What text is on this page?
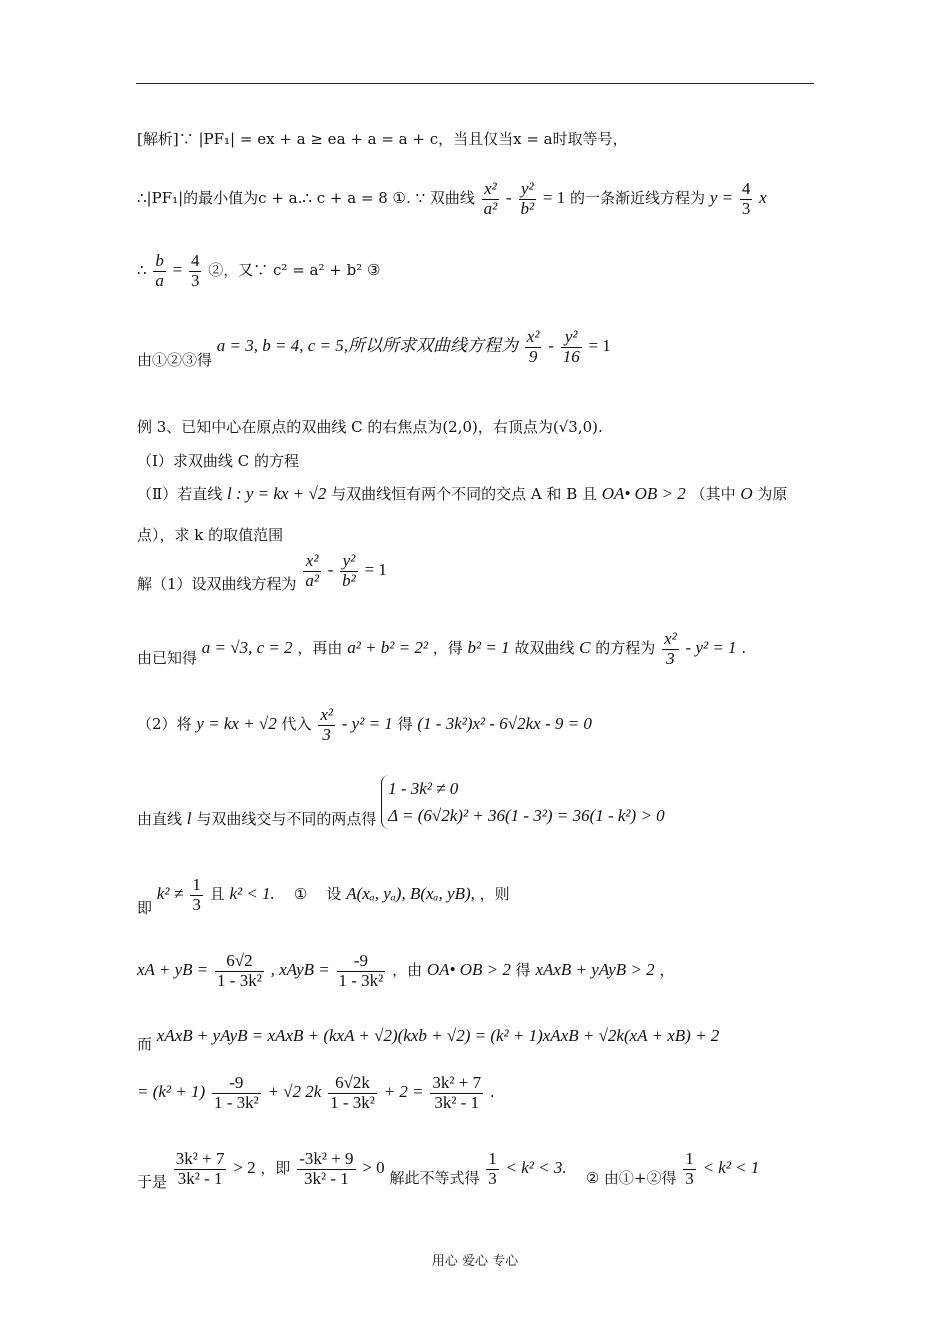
[解析]∵ |PF₁| = ex + a ≥ ea + a = a + c，当且仅当x = a时取等号，
∴|PF₁|的最小值为c + a.∴ c + a = 8 ①. ∵ 双曲线 $\frac{\text{x²}}{\text{a²}} - \frac{\text{y²}}{\text{b²}} = 1$ 的一条渐近线方程为 $y = \frac{4}{3}$ x
∴ $\frac{b}{a} = \frac{4}{3}$ ②，又∵ c² = a² + b² ③
由①②③得 a = 3, b = 4, c = 5,所以所求双曲线方程为 $\frac{\text{x²}}{9} - \frac{\text{y²}}{16} = 1$
例 3、已知中心在原点的双曲线 C 的右焦点为(2,0)，右顶点为(√3,0).
（Ⅰ）求双曲线 C 的方程
（Ⅱ）若直线 l : y = kx + √2 与双曲线恒有两个不同的交点 A 和 B 且 OA• OB > 2 （其中 O 为原
点），求 k 的取值范围
解（1）设双曲线方程为 $\frac{\text{x²}}{\text{a²}} - \frac{\text{y²}}{\text{b²}} = 1$
由已知得 a = √3, c = 2 ，再由 a² + b² = 2² ，得 b² = 1 故双曲线 C 的方程为 $\frac{\text{x²}}{3} - y^2 = 1$ .
（2）将 y = kx + √2 代入 $\frac{\text{x²}}{3} - y^2 = 1$ 得 (1 - 3k²)x² - 6√2kx - 9 = 0
由直线 l 与双曲线交与不同的两点得
1 - 3k² ≠ 0
Δ = (6√2k)² + 36(1 - 3²) = 36(1 - k²) > 0
即 $k^2 \ne \frac{1}{3}$ 且 k² < 1. ① 设 A(xₐ, yₐ), B(xₐ, yB), ，则
xA + yB = $\frac{6√2}{\text{1 - 3k²}}$ , xAyB = $\frac{-9}{\text{1 - 3k²}}$ ，由 OA• OB > 2 得 xAxB + yAyB > 2 ，
而 xAxB + yAyB = xAxB + (kxA + √2)(kxb + √2) = (k² + 1)xAxB + √2k(xA + xB) + 2
= $(k^2 + 1) \frac{-9}{\text{1 - 3k²}} + √2$ $2k \frac{6√2k}{\text{1 - 3k²}} + 2 = \frac{\text{3k² + 7}}{\text{3k² - 1}}$ .
于是 $\frac{\text{3k² + 7}}{\text{3k² - 1}} > 2$ ，即 $\frac{\text{-3k² + 9}}{\text{3k² - 1}} > 0$ 解此不等式得 $\frac{1}{3} < k^2 < 3$.    ② 由①+②得 $\frac{1}{3} < k^2 < 1$
用心 爱心 专心
